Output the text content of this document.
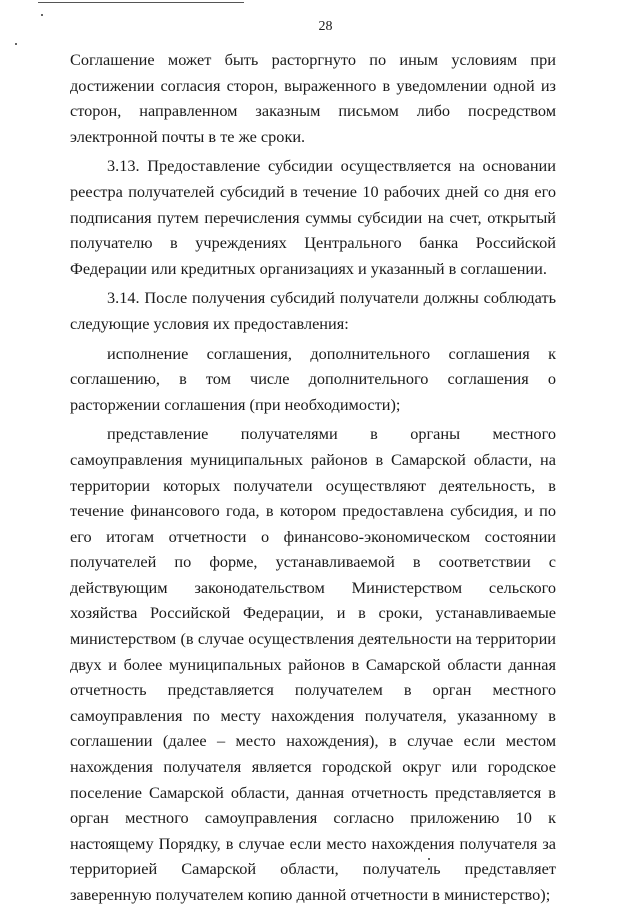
28

Соглашение может быть расторгнуто по иным условиям при достижении согласия сторон, выраженного в уведомлении одной из сторон, направленном заказным письмом либо посредством электронной почты в те же сроки.

3.13. Предоставление субсидии осуществляется на основании реестра получателей субсидий в течение 10 рабочих дней со дня его подписания путем перечисления суммы субсидии на счет, открытый получателю в учреждениях Центрального банка Российской Федерации или кредитных организациях и указанный в соглашении.

3.14. После получения субсидий получатели должны соблюдать следующие условия их предоставления:

исполнение соглашения, дополнительного соглашения к соглашению, в том числе дополнительного соглашения о расторжении соглашения (при необходимости);

представление получателями в органы местного самоуправления муниципальных районов в Самарской области, на территории которых получатели осуществляют деятельность, в течение финансового года, в котором предоставлена субсидия, и по его итогам отчетности о финансово-экономическом состоянии получателей по форме, устанавливаемой в соответствии с действующим законодательством Министерством сельского хозяйства Российской Федерации, и в сроки, устанавливаемые министерством (в случае осуществления деятельности на территории двух и более муниципальных районов в Самарской области данная отчетность представляется получателем в орган местного самоуправления по месту нахождения получателя, указанному в соглашении (далее – место нахождения), в случае если местом нахождения получателя является городской округ или городское поселение Самарской области, данная отчетность представляется в орган местного самоуправления согласно приложению 10 к настоящему Порядку, в случае если место нахождения получателя за территорией Самарской области, получатель представляет заверенную получателем копию данной отчетности в министерство);
